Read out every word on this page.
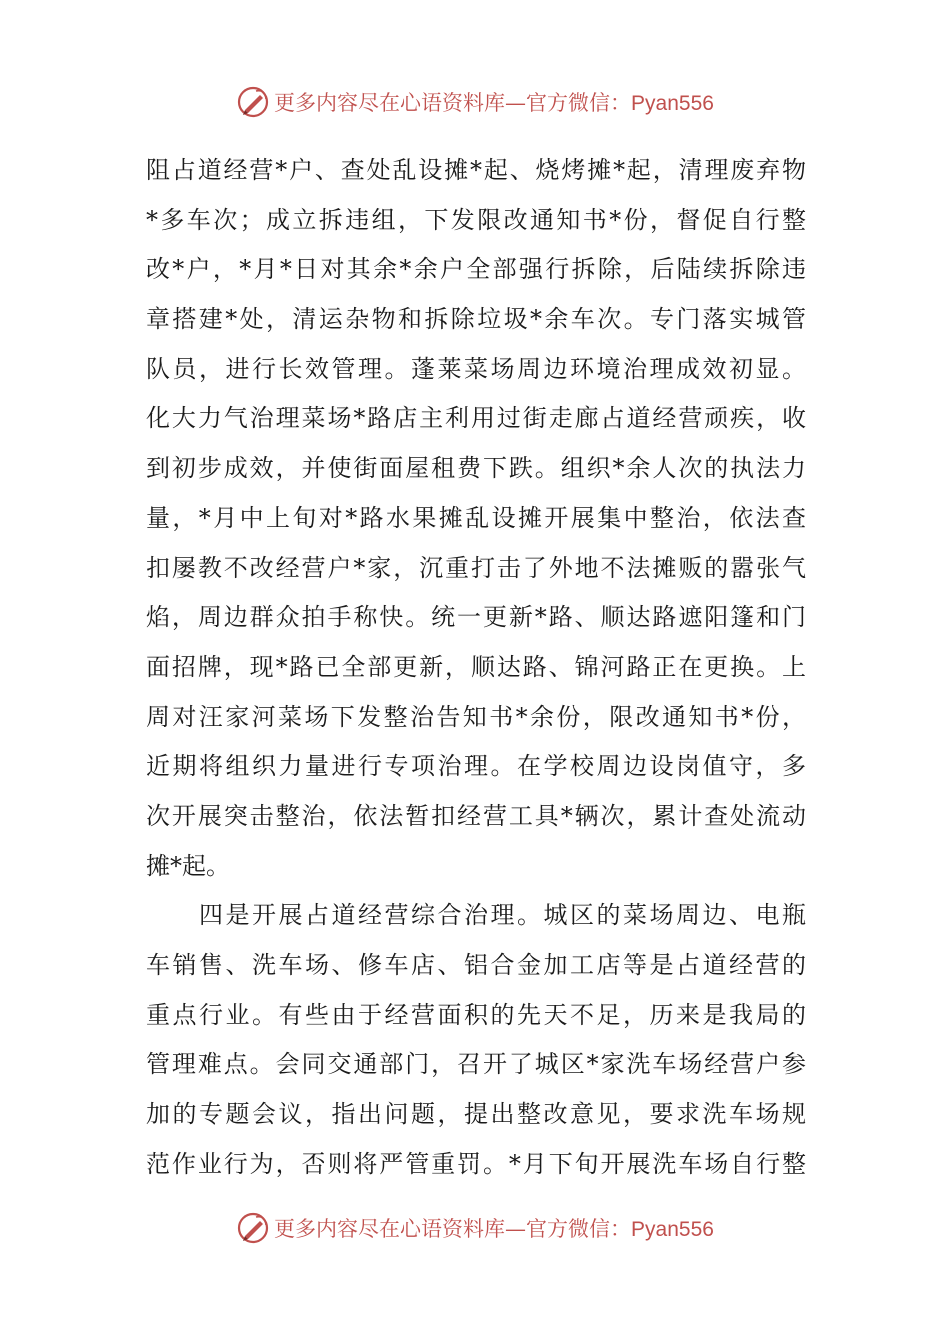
更多内容尽在心语资料库—官方微信：Pyan556
阻占道经营*户、查处乱设摊*起、烧烤摊*起，清理废弃物
*多车次；成立拆违组，下发限改通知书*份，督促自行整
改*户，*月*日对其余*余户全部强行拆除，后陆续拆除违
章搭建*处，清运杂物和拆除垃圾*余车次。专门落实城管
队员，进行长效管理。蓬莱菜场周边环境治理成效初显。
化大力气治理菜场*路店主利用过街走廊占道经营顽疾，收
到初步成效，并使街面屋租费下跌。组织*余人次的执法力
量，*月中上旬对*路水果摊乱设摊开展集中整治，依法查
扣屡教不改经营户*家，沉重打击了外地不法摊贩的嚣张气
焰，周边群众拍手称快。统一更新*路、顺达路遮阳篷和门
面招牌，现*路已全部更新，顺达路、锦河路正在更换。上
周对汪家河菜场下发整治告知书*余份，限改通知书*份，
近期将组织力量进行专项治理。在学校周边设岗值守，多
次开展突击整治，依法暂扣经营工具*辆次，累计查处流动
摊*起。
　　四是开展占道经营综合治理。城区的菜场周边、电瓶
车销售、洗车场、修车店、铝合金加工店等是占道经营的
重点行业。有些由于经营面积的先天不足，历来是我局的
管理难点。会同交通部门，召开了城区*家洗车场经营户参
加的专题会议，指出问题，提出整改意见，要求洗车场规
范作业行为，否则将严管重罚。*月下旬开展洗车场自行整
更多内容尽在心语资料库—官方微信：Pyan556
